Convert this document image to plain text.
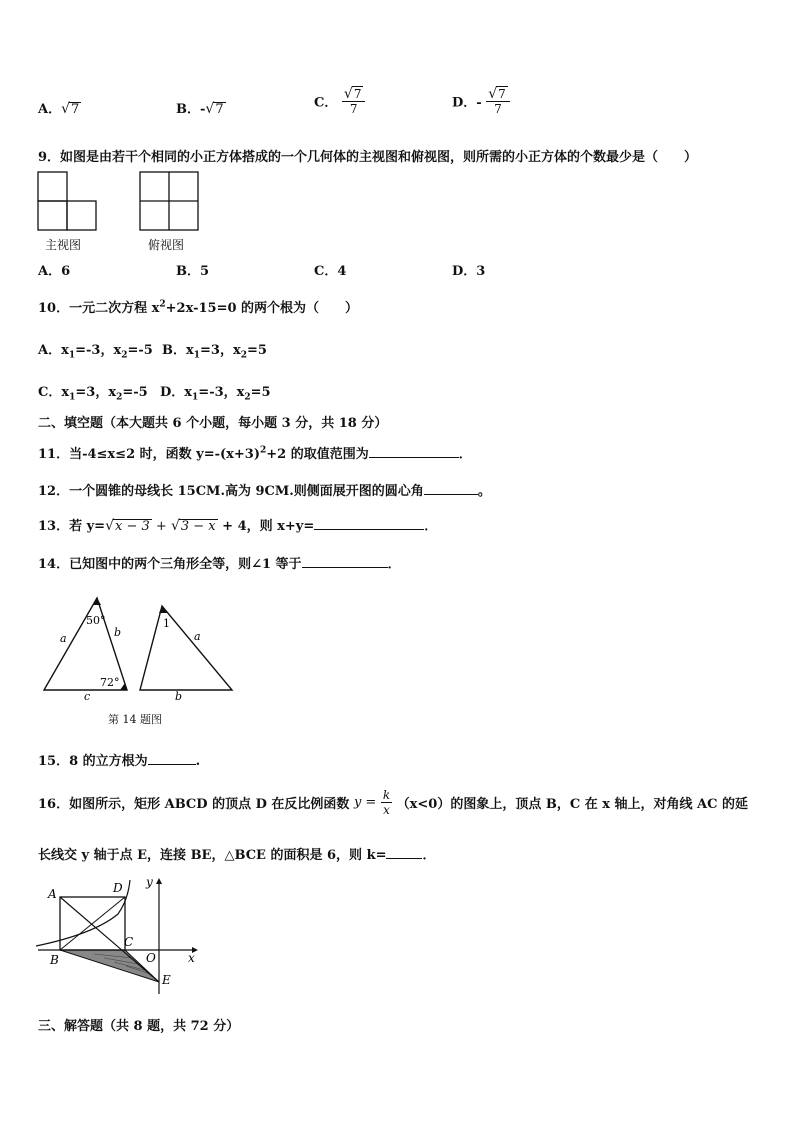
A．√7	B．-√7	C． $\frac{√7}{7}$	D．- $\frac{√7}{7}$
9．如图是由若干个相同的小正方体搭成的一个几何体的主视图和俯视图，则所需的小正方体的个数最少是（　　）
主视图	俯视图
A．6	B．5	C．4	D．3
10．一元二次方程 $x^2+2x-15=0$ 的两个根为（　　）
A．$x_1=-3$，$x_2=-5$ B．$x_1=3$，$x_2=5$
C．$x_1=3$，$x_2=-5$ D．$x_1=-3$，$x_2=5$
二、填空题（本大题共 6 个小题，每小题 3 分，共 18 分）
11．当-4≤x≤2 时，函数 $y=-(x+3)^2+2$ 的取值范围为	．
12．一个圆锥的母线长 15CM.高为 9CM.则侧面展开图的圆心角	。
13．若 y=√x − 3 + √3 − x + 4，则 x+y=	．
14．已知图中的两个三角形全等，则∠1 等于	．
50°
72°
a	b
c
1
a
b
第 14 题图
15．8 的立方根为	.
16．如图所示，矩形 ABCD 的顶点 D 在反比例函数 $y = \frac{k}{x} (x<0)$的图象上，顶点 B，C 在 x 轴上，对角线 AC 的延
长线交 y 轴于点 E，连接 BE，△BCE 的面积是 6，则 k=	．
A	D
C
B	O
E
x
y
三、解答题（共 8 题，共 72 分）
